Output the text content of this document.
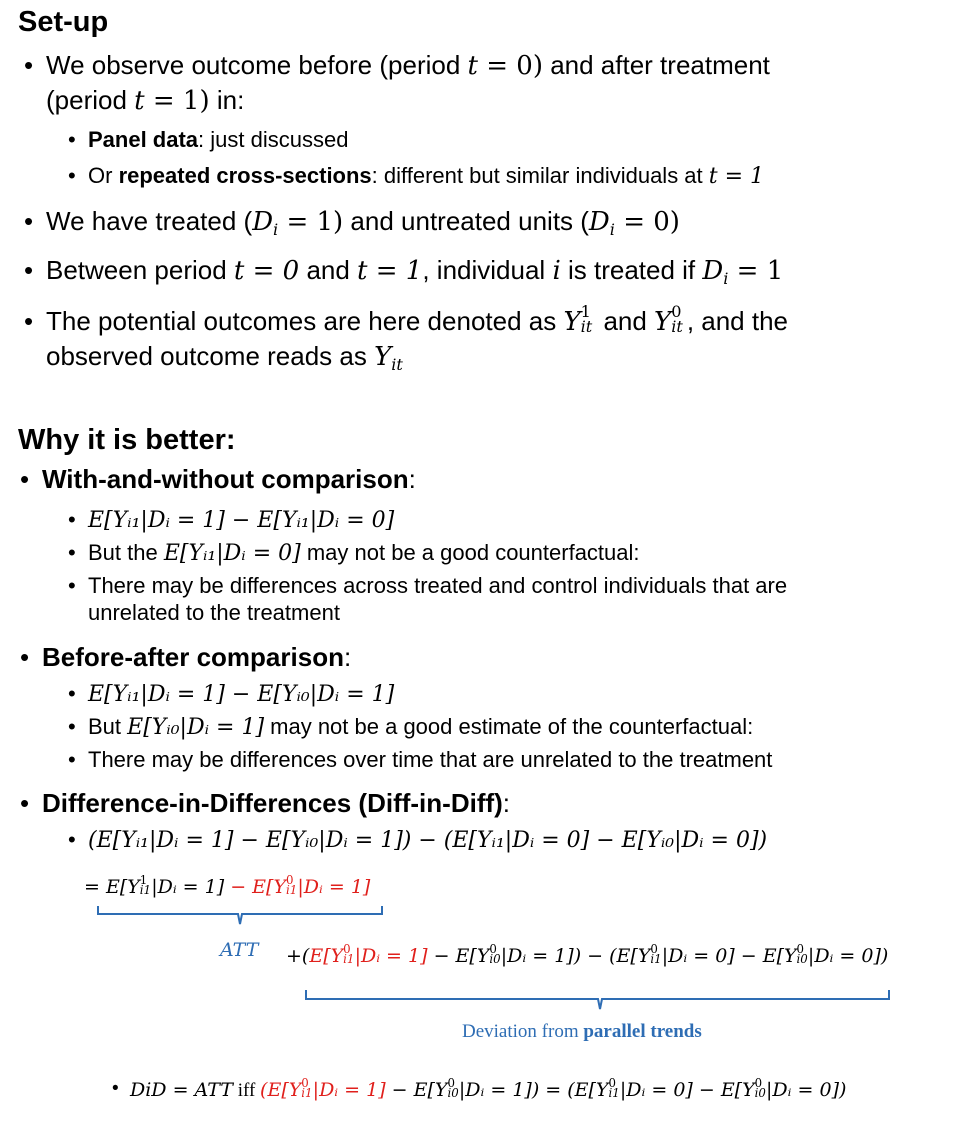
Set-up
• We observe outcome before (period t = 0) and after treatment
(period t = 1) in:
• Panel data: just discussed
• Or repeated cross-sections: different but similar individuals at t = 1
• We have treated $(D_i = 1)$ and untreated units $(D_i = 0)$
• Between period t = 0 and t = 1, individual i is treated if $D_i = 1$
• The potential outcomes are here denoted as Y 1
it and Y 0
it , and the
observed outcome reads as $Y_{it}$
Why it is better:
• With-and-without comparison:
• E[Yᵢ₁|Dᵢ = 1] − E[Yᵢ₁|Dᵢ = 0]
• But the E[Yᵢ₁|Dᵢ = 0] may not be a good counterfactual:
• There may be differences across treated and control individuals that are
unrelated to the treatment
• Before-after comparison:
• E[Yᵢ₁|Dᵢ = 1] − E[Yᵢ₀|Dᵢ = 1]
• But E[Yᵢ₀|Dᵢ = 1] may not be a good estimate of the counterfactual:
• There may be differences over time that are unrelated to the treatment
• Difference-in-Differences (Diff-in-Diff):
• (E[Yᵢ₁|Dᵢ = 1] − E[Yᵢ₀|Dᵢ = 1]) − (E[Yᵢ₁|Dᵢ = 0] − E[Yᵢ₀|Dᵢ = 0])
= E[Y 1
i1 |Dᵢ = 1] − E[Y 0
i1 |Dᵢ = 1]
ATT +(E[Y 0
i1 |Dᵢ = 1] − E[Y 0
i0 |Dᵢ = 1]) − (E[Y 0
i1 |Dᵢ = 0] − E[Y 0
i0 |Dᵢ = 0])
Deviation from parallel trends
• DiD = ATT iff (E[Y 0
i1 |Dᵢ = 1] − E[Y 0
i0 |Dᵢ = 1]) = (E[Y 0
i1 |Dᵢ = 0] − E[Y 0
i0 |Dᵢ = 0])
